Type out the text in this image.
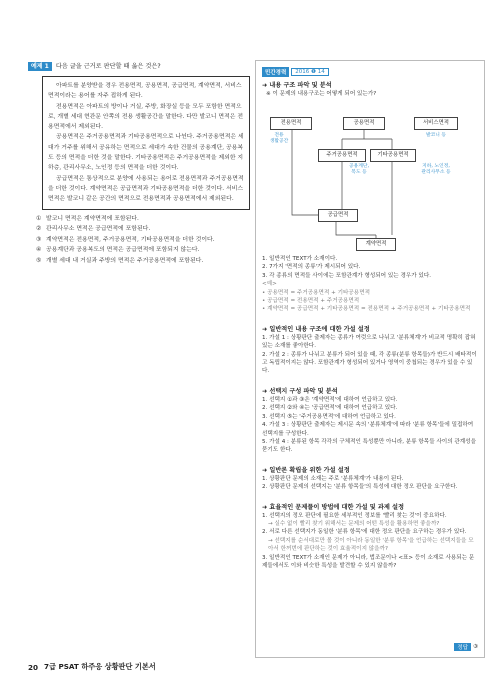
예제 1	다음 글을 근거로 판단할 때 옳은 것은?

아파트를 분양받을 경우 전용면적, 공용면적, 공급면적, 계약면적, 서비스면적이라는 용어를 자주 접하게 된다.

전용면적은 아파트의 방이나 거실, 주방, 화장실 등을 모두 포함한 면적으로, 개별 세대 현관문 안쪽의 전용 생활공간을 말한다. 다만 발코니 면적은 전용면적에서 제외된다.

공용면적은 주거공용면적과 기타공용면적으로 나뉜다. 주거공용면적은 세대가 거주를 위해서 공유하는 면적으로 세대가 속한 건물의 공용계단, 공용복도 등의 면적을 더한 것을 말한다. 기타공용면적은 주거공용면적을 제외한 지하층, 관리사무소, 노인정 등의 면적을 더한 것이다.

공급면적은 통상적으로 분양에 사용되는 용어로 전용면적과 주거공용면적을 더한 것이다. 계약면적은 공급면적과 기타공용면적을 더한 것이다. 서비스면적은 발코니 같은 공간의 면적으로 전용면적과 공용면적에서 제외된다.

① 발코니 면적은 계약면적에 포함된다.
② 관리사무소 면적은 공급면적에 포함된다.
③ 계약면적은 전용면적, 주거공용면적, 기타공용면적을 더한 것이다.
④ 공용계단과 공용복도의 면적은 공급면적에 포함되지 않는다.
⑤ 개별 세대 내 거실과 주방의 면적은 주거공용면적에 포함된다.
민간경력	2016 ❶ 14
➜ 내용 구조 파악 및 분석
※ 이 문제의 내용구조는 어떻게 되어 있는가?
전용면적
전용
생활공간
공용면적	서비스면적
발코니 등
주거공용면적
공용계단,
복도 등
기타공용면적
지하, 노인정,
관리사무소 등
공급면적
계약면적
1. 일반적인 TEXT가 소재이다.
2. 7가지 '면적의 종류'가 제시되어 있다.
3. 각 종류의 면적들 사이에는 포함관계가 형성되어 있는 경우가 있다.
<예>
• 공용면적 = 주거공용면적 + 기타공용면적
• 공급면적 = 전용면적 + 주거공용면적
• 계약면적 = 공급면적 + 기타공용면적 = 전용면적 + 주거공용면적 + 기타공용면적
➜ 일반적인 내용 구조에 대한 가설 설정
1. 가설 1 : 상황판단 출제자는 종류가 여럿으로 나뉘고 '분류체계'가 비교적 명확히 잡혀있는 소재를 좋아한다.
2. 가설 2 : 종류가 나뉘고 분류가 되어 있을 때, 각 종류(분류 항목들)가 반드시 배타적이고 독립적이지는 않다. 포함관계가 형성되어 있거나 영역이 중첩되는 경우가 있을 수 있다.
➜ 선택지 구성 파악 및 분석
1. 선택지 ①과 ③은 '계약면적'에 대하여 언급하고 있다.
2. 선택지 ②와 ④는 '공급면적'에 대하여 언급하고 있다.
3. 선택지 ⑤는 '주거공용면적'에 대하여 언급하고 있다.
4. 가설 3 : 상황판단 출제자는 제시문 속의 '분류체계'에 따라 '분류 항목'들에 밀접하여 선택지를 구성한다.
5. 가설 4 : 분류된 항목 각각의 구체적인 특성뿐만 아니라, 분류 항목들 사이의 관계성을 묻기도 한다.
➜ 일반론 확립을 위한 가설 설정
1. 상황판단 문제의 소재는 주로 '분류체계'가 내용이 된다.
2. 상황판단 문제의 선택지는 '분류 항목들'의 특성에 대한 정오 판단을 요구한다.
➜ 효율적인 문제풀이 방법에 대한 가설 및 과제 설정
1. 선택지의 정오 판단에 필요한 세부적인 정보를 '빨리 찾는 것'이 중요하다.
→ 실수 없이 빨리 찾기 위해서는 문제의 어떤 특성을 활용하면 좋을까?
2. 서로 다른 선택지가 동일한 '분류 항목'에 대한 정오 판단을 요구하는 경우가 있다.
→ 선택지를 순서대로만 볼 것이 아니라 동일한 '분류 항목'을 언급하는 선택지들을 모아서 한꺼번에 판단하는 것이 효율적이지 않을까?
3. 일반적인 TEXT가 소재인 문제가 아니라, 법조문이나 <표> 등이 소재로 사용되는 문제들에서도 이와 비슷한 특성을 발견할 수 있지 않을까?
정답 ③
20 7급 PSAT 하주응 상황판단 기본서
